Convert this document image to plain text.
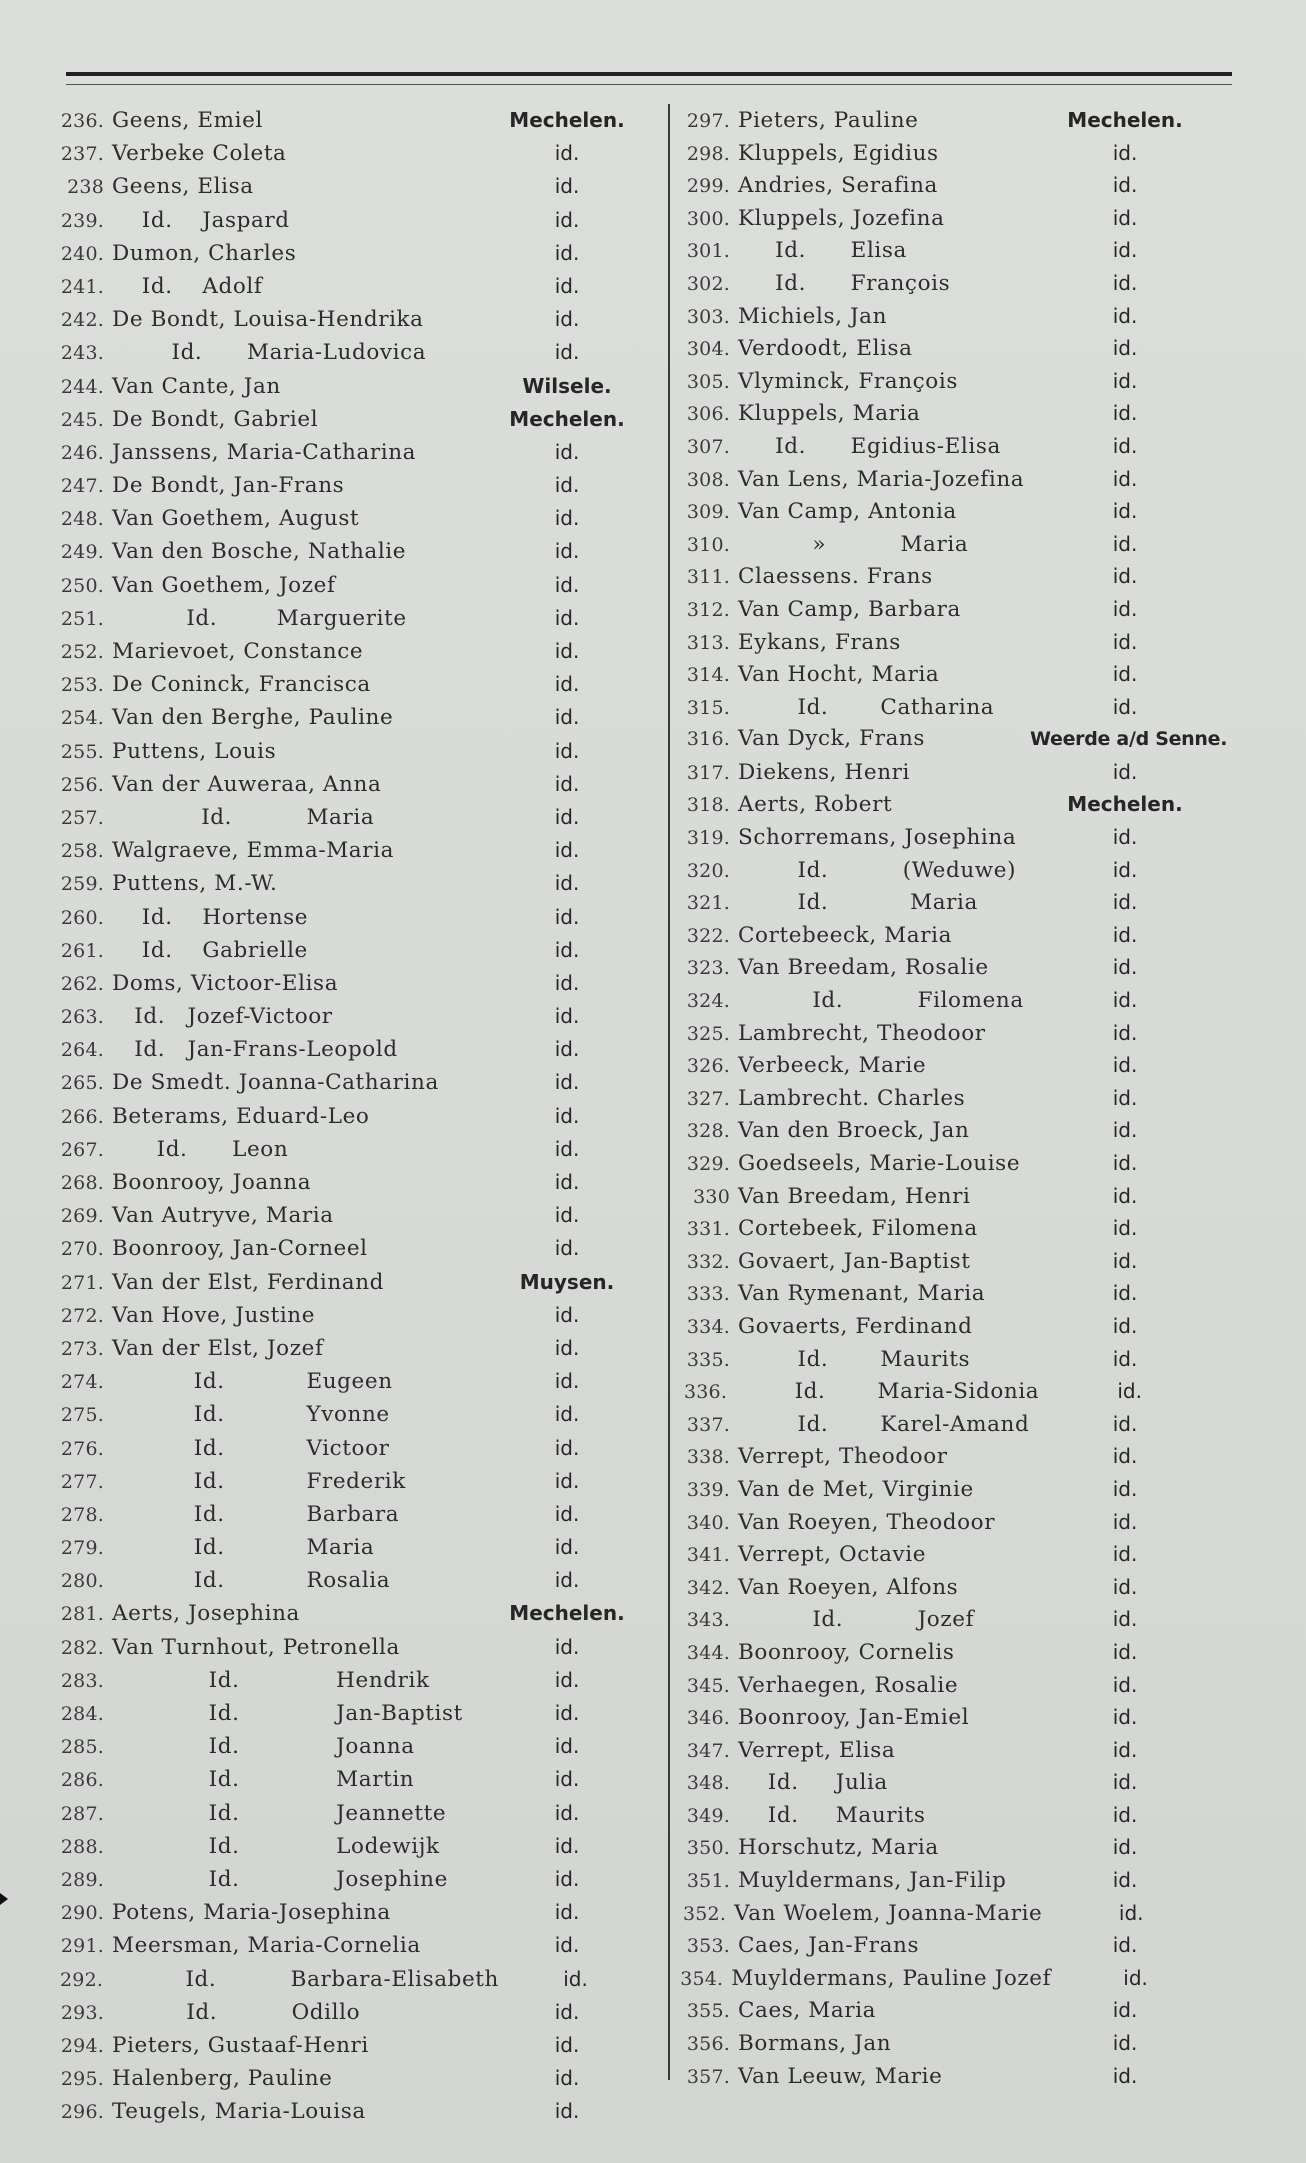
236. Geens, Emiel	Mechelen.
237. Verbeke Coleta	id.
238 Geens, Elisa	id.
239. Id.    Jaspard	id.
240. Dumon, Charles	id.
241. Id.    Adolf	id.
242. De Bondt, Louisa-Hendrika	id.
243. Id.      Maria-Ludovica	id.
244. Van Cante, Jan	Wilsele.
245. De Bondt, Gabriel	Mechelen.
246. Janssens, Maria-Catharina	id.
247. De Bondt, Jan-Frans	id.
248. Van Goethem, August	id.
249. Van den Bosche, Nathalie	id.
250. Van Goethem, Jozef	id.
251. Id.        Marguerite	id.
252. Marievoet, Constance	id.
253. De Coninck, Francisca	id.
254. Van den Berghe, Pauline	id.
255. Puttens, Louis	id.
256. Van der Auweraa, Anna	id.
257. Id.          Maria	id.
258. Walgraeve, Emma-Maria	id.
259. Puttens, M.-W.	id.
260. Id.    Hortense	id.
261. Id.    Gabrielle	id.
262. Doms, Victoor-Elisa	id.
263. Id.   Jozef-Victoor	id.
264. Id.   Jan-Frans-Leopold	id.
265. De Smedt. Joanna-Catharina	id.
266. Beterams, Eduard-Leo	id.
267. Id.      Leon	id.
268. Boonrooy, Joanna	id.
269. Van Autryve, Maria	id.
270. Boonrooy, Jan-Corneel	id.
271. Van der Elst, Ferdinand	Muysen.
272. Van Hove, Justine	id.
273. Van der Elst, Jozef	id.
274. Id.           Eugeen	id.
275. Id.           Yvonne	id.
276. Id.           Victoor	id.
277. Id.           Frederik	id.
278. Id.           Barbara	id.
279. Id.           Maria	id.
280. Id.           Rosalia	id.
281. Aerts, Josephina	Mechelen.
282. Van Turnhout, Petronella	id.
283. Id.             Hendrik	id.
284. Id.             Jan-Baptist	id.
285. Id.             Joanna	id.
286. Id.             Martin	id.
287. Id.             Jeannette	id.
288. Id.             Lodewijk	id.
289. Id.             Josephine	id.
290. Potens, Maria-Josephina	id.
291. Meersman, Maria-Cornelia	id.
292. Id.          Barbara-Elisabeth	id.
293. Id.          Odillo	id.
294. Pieters, Gustaaf-Henri	id.
295. Halenberg, Pauline	id.
296. Teugels, Maria-Louisa	id.
297. Pieters, Pauline	Mechelen.
298. Kluppels, Egidius	id.
299. Andries, Serafina	id.
300. Kluppels, Jozefina	id.
301. Id.      Elisa	id.
302. Id.      François	id.
303. Michiels, Jan	id.
304. Verdoodt, Elisa	id.
305. Vlyminck, François	id.
306. Kluppels, Maria	id.
307. Id.      Egidius-Elisa	id.
308. Van Lens, Maria-Jozefina	id.
309. Van Camp, Antonia	id.
310. »          Maria	id.
311. Claessens. Frans	id.
312. Van Camp, Barbara	id.
313. Eykans, Frans	id.
314. Van Hocht, Maria	id.
315. Id.       Catharina	id.
316. Van Dyck, Frans	Weerde a/d Senne.
317. Diekens, Henri	id.
318. Aerts, Robert	Mechelen.
319. Schorremans, Josephina	id.
320. Id.          (Weduwe)	id.
321. Id.           Maria	id.
322. Cortebeeck, Maria	id.
323. Van Breedam, Rosalie	id.
324. Id.          Filomena	id.
325. Lambrecht, Theodoor	id.
326. Verbeeck, Marie	id.
327. Lambrecht. Charles	id.
328. Van den Broeck, Jan	id.
329. Goedseels, Marie-Louise	id.
330 Van Breedam, Henri	id.
331. Cortebeek, Filomena	id.
332. Govaert, Jan-Baptist	id.
333. Van Rymenant, Maria	id.
334. Govaerts, Ferdinand	id.
335. Id.       Maurits	id.
336. Id.       Maria-Sidonia	id.
337. Id.       Karel-Amand	id.
338. Verrept, Theodoor	id.
339. Van de Met, Virginie	id.
340. Van Roeyen, Theodoor	id.
341. Verrept, Octavie	id.
342. Van Roeyen, Alfons	id.
343. Id.          Jozef	id.
344. Boonrooy, Cornelis	id.
345. Verhaegen, Rosalie	id.
346. Boonrooy, Jan-Emiel	id.
347. Verrept, Elisa	id.
348. Id.     Julia	id.
349. Id.     Maurits	id.
350. Horschutz, Maria	id.
351. Muyldermans, Jan-Filip	id.
352. Van Woelem, Joanna-Marie	id.
353. Caes, Jan-Frans	id.
354. Muyldermans, Pauline Jozef	id.
355. Caes, Maria	id.
356. Bormans, Jan	id.
357. Van Leeuw, Marie	id.
